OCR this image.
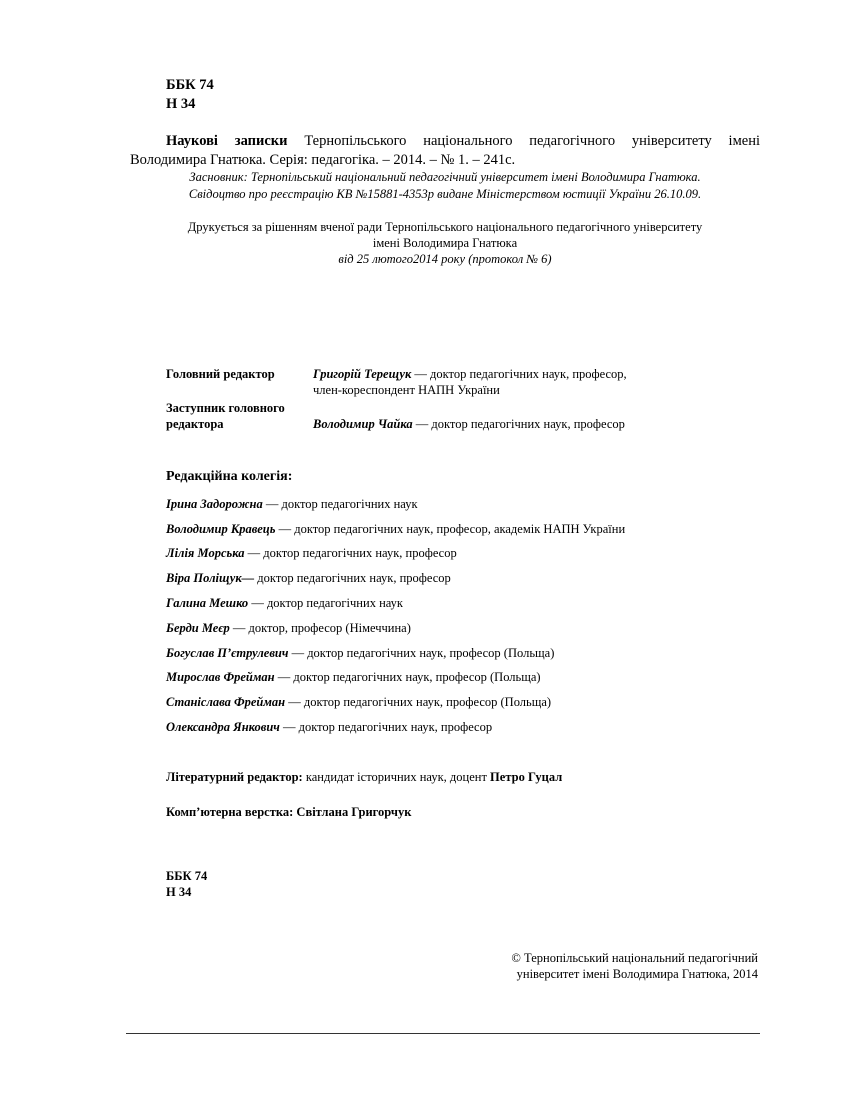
ББК 74
Н 34
Наукові записки Тернопільського національного педагогічного університету імені
Володимира Гнатюка. Серія: педагогіка. – 2014. – № 1. – 241с.
Засновник: Тернопільський національний педагогічний університет імені Володимира Гнатюка.
Свідоцтво про реєстрацію КВ №15881-4353р видане Міністерством юстиції України 26.10.09.
Друкується за рішенням вченої ради Тернопільського національного педагогічного університету
імені Володимира Гнатюка
від 25 лютого2014 року (протокол № 6)
Головний редактор	Григорій Терещук — доктор педагогічних наук, професор,
член-кореспондент НАПН України
Заступник головного
редактора	Володимир Чайка — доктор педагогічних наук, професор
Редакційна колегія:
Ірина Задорожна — доктор педагогічних наук
Володимир Кравець — доктор педагогічних наук, професор, академік НАПН України
Лілія Морська — доктор педагогічних наук, професор
Віра Поліщук— доктор педагогічних наук, професор
Галина Мешко — доктор педагогічних наук
Берди Меєр — доктор, професор (Німеччина)
Богуслав П’єтрулевич — доктор педагогічних наук, професор (Польща)
Мирослав Фрейман — доктор педагогічних наук, професор (Польща)
Станіслава Фрейман — доктор педагогічних наук, професор (Польща)
Олександра Янкович — доктор педагогічних наук, професор
Літературний редактор: кандидат історичних наук, доцент Петро Гуцал
Комп’ютерна верстка: Світлана Григорчук
ББК 74
Н 34
© Тернопільський національний педагогічний
університет імені Володимира Гнатюка, 2014
